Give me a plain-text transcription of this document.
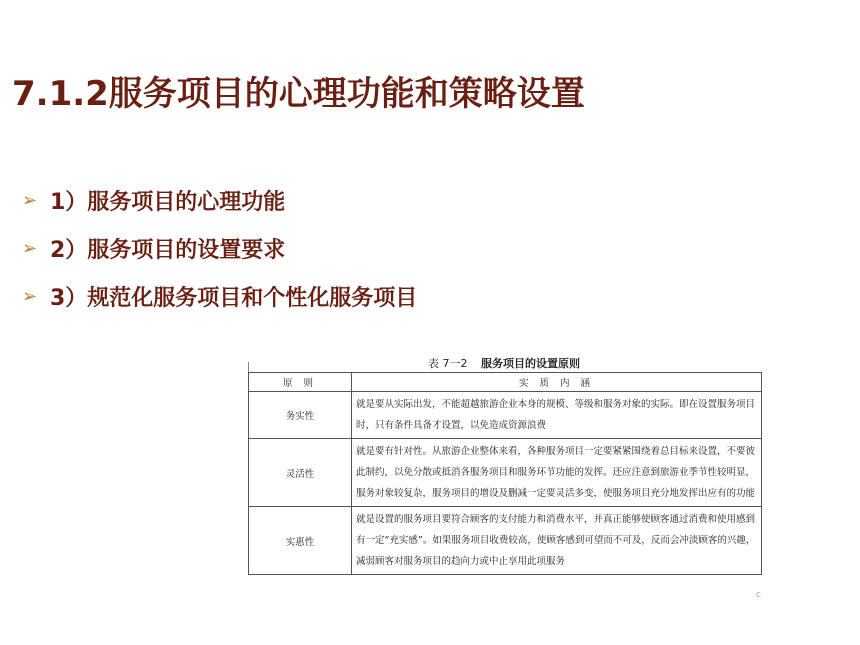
7.1.2服务项目的心理功能和策略设置
➢ 1）服务项目的心理功能
➢ 2）服务项目的设置要求
➢ 3）规范化服务项目和个性化服务项目
表 7一2 服务项目的设置原则
原 则	实 质 内 涵
务实性	就是要从实际出发，不能超越旅游企业本身的规模、等级和服务对象的实际。即在设置服务项目时，只有条件具备才设置，以免造成资源浪费
灵活性	就是要有针对性。从旅游企业整体来看，各种服务项目一定要紧紧围绕着总目标来设置，不要彼此制约，以免分散或抵消各服务项目和服务环节功能的发挥。还应注意到旅游业季节性较明显，服务对象较复杂，服务项目的增设及删减一定要灵活多变，使服务项目充分地发挥出应有的功能
实惠性	就是设置的服务项目要符合顾客的支付能力和消费水平，并真正能够使顾客通过消费和使用感到有一定“充实感”。如果服务项目收费较高，使顾客感到可望而不可及，反而会冲淡顾客的兴趣，减弱顾客对服务项目的趋向力或中止享用此项服务
c
